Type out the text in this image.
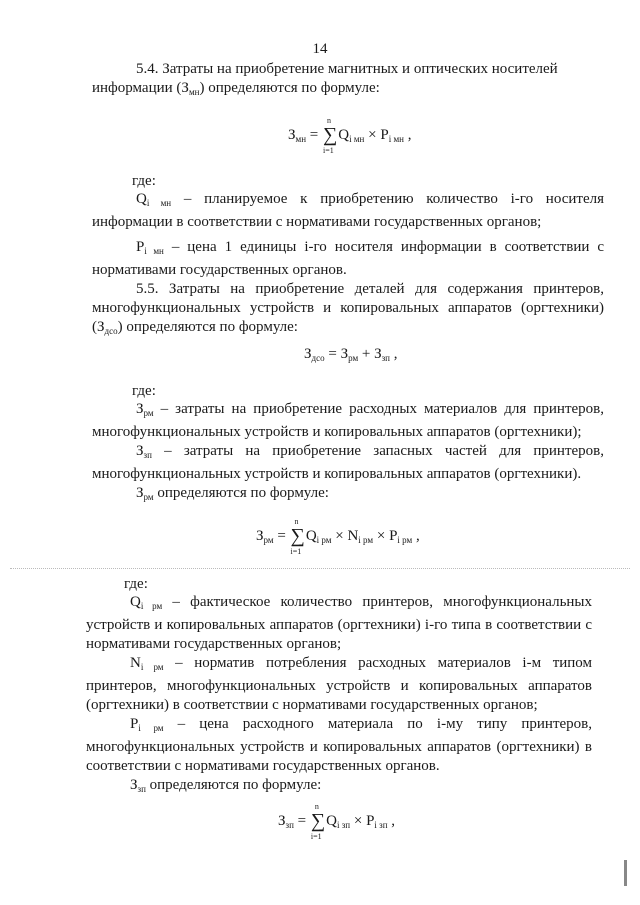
14

5.4. Затраты на приобретение магнитных и оптических носителей

информации $(З_{мн})$ определяются по формуле:

$З_{мн}$ = ∑
n
i=1
$Q_{i мн} \times P_{i мн}$ ,
где:

$Q_{i мн}$ – планируемое к приобретению количество i-го носителя информации в соответствии с нормативами государственных органов;

$P_{i мн}$ – цена 1 единицы i-го носителя информации в соответствии с нормативами государственных органов.

5.5. Затраты на приобретение деталей для содержания принтеров, многофункциональных устройств и копировальных аппаратов (оргтехники) $(З_{дсо})$ определяются по формуле:

$З_{дсо} = З_{рм} + З_{зп}$ ,
где:

$З_{рм}$ – затраты на приобретение расходных материалов для принтеров, многофункциональных устройств и копировальных аппаратов (оргтехники);

$З_{зп}$ – затраты на приобретение запасных частей для принтеров, многофункциональных устройств и копировальных аппаратов (оргтехники).

$З_{рм}$ определяются по формуле:

$З_{рм}$ = ∑
n
i=1
$Q_{i рм} \times N_{i рм} \times P_{i рм}$ ,
где:

$Q_{i рм}$ – фактическое количество принтеров, многофункциональных устройств и копировальных аппаратов (оргтехники) i-го типа в соответствии с нормативами государственных органов;

$N_{i рм}$ – норматив потребления расходных материалов i-м типом принтеров, многофункциональных устройств и копировальных аппаратов (оргтехники) в соответствии с нормативами государственных органов;

$P_{i рм}$ – цена расходного материала по i-му типу принтеров, многофункциональных устройств и копировальных аппаратов (оргтехники) в соответствии с нормативами государственных органов.

$З_{зп}$ определяются по формуле:

$З_{зп}$ = ∑
n
i=1
$Q_{i зп} \times P_{i зп}$ ,
